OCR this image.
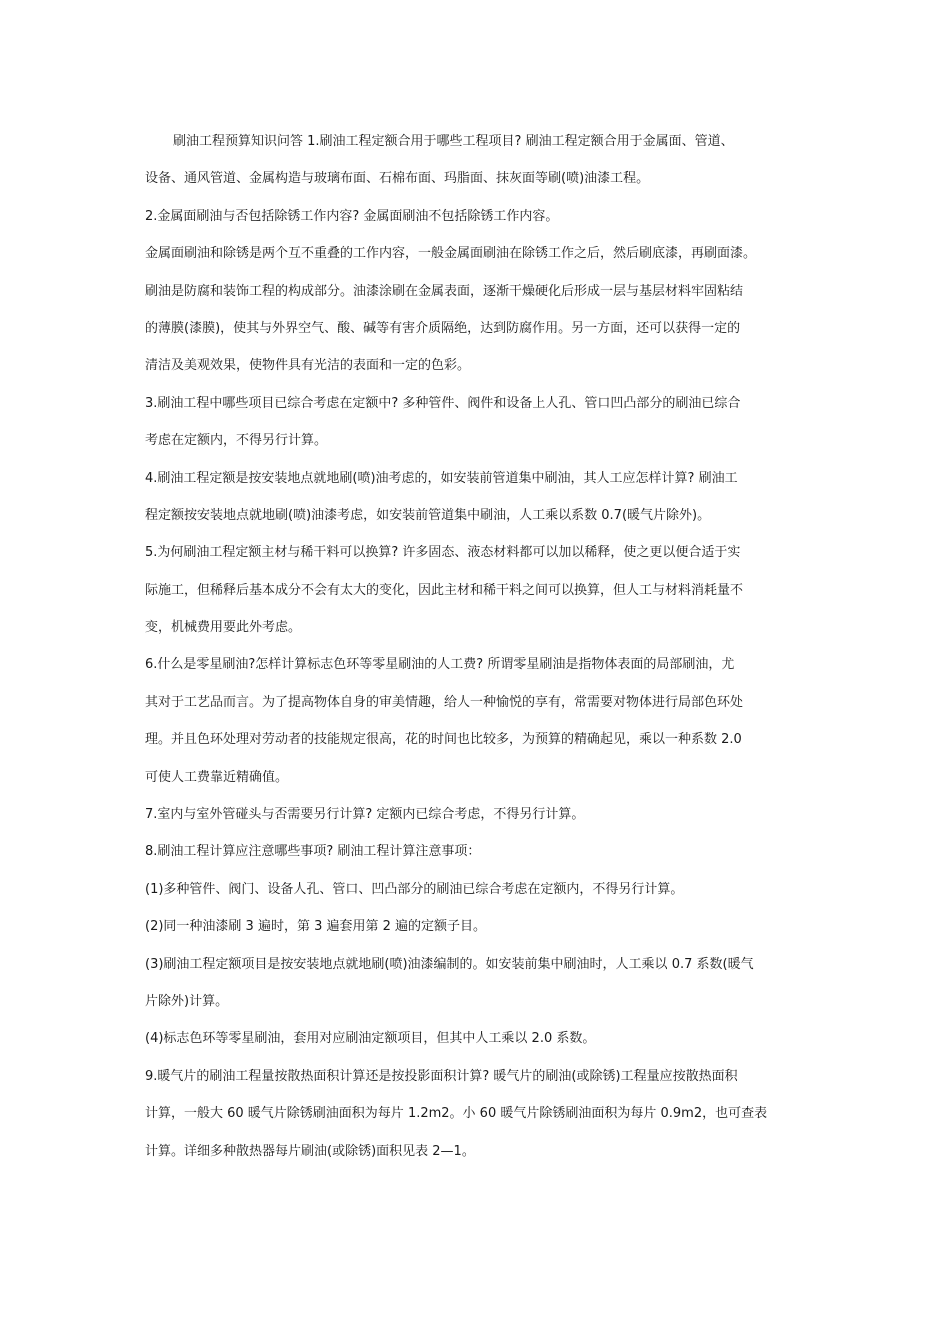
刷油工程预算知识问答 1.刷油工程定额合用于哪些工程项目? 刷油工程定额合用于金属面、管道、
设备、通风管道、金属构造与玻璃布面、石棉布面、玛脂面、抹灰面等刷(喷)油漆工程。
2.金属面刷油与否包括除锈工作内容? 金属面刷油不包括除锈工作内容。
金属面刷油和除锈是两个互不重叠的工作内容，一般金属面刷油在除锈工作之后，然后刷底漆，再刷面漆。
刷油是防腐和装饰工程的构成部分。油漆涂刷在金属表面，逐渐干燥硬化后形成一层与基层材料牢固粘结
的薄膜(漆膜)，使其与外界空气、酸、碱等有害介质隔绝，达到防腐作用。另一方面，还可以获得一定的
清洁及美观效果，使物件具有光洁的表面和一定的色彩。
3.刷油工程中哪些项目已综合考虑在定额中? 多种管件、阀件和设备上人孔、管口凹凸部分的刷油已综合
考虑在定额内，不得另行计算。
4.刷油工程定额是按安装地点就地刷(喷)油考虑的，如安装前管道集中刷油，其人工应怎样计算? 刷油工
程定额按安装地点就地刷(喷)油漆考虑，如安装前管道集中刷油，人工乘以系数 0.7(暖气片除外)。
5.为何刷油工程定额主材与稀干料可以换算? 许多固态、液态材料都可以加以稀释，使之更以便合适于实
际施工，但稀释后基本成分不会有太大的变化，因此主材和稀干料之间可以换算，但人工与材料消耗量不
变，机械费用要此外考虑。
6.什么是零星刷油?怎样计算标志色环等零星刷油的人工费? 所谓零星刷油是指物体表面的局部刷油，尤
其对于工艺品而言。为了提高物体自身的审美情趣，给人一种愉悦的享有，常需要对物体进行局部色环处
理。并且色环处理对劳动者的技能规定很高，花的时间也比较多，为预算的精确起见，乘以一种系数 2.0
可使人工费靠近精确值。
7.室内与室外管碰头与否需要另行计算? 定额内已综合考虑，不得另行计算。
8.刷油工程计算应注意哪些事项? 刷油工程计算注意事项：
(1)多种管件、阀门、设备人孔、管口、凹凸部分的刷油已综合考虑在定额内，不得另行计算。
(2)同一种油漆刷 3 遍时，第 3 遍套用第 2 遍的定额子目。
(3)刷油工程定额项目是按安装地点就地刷(喷)油漆编制的。如安装前集中刷油时，人工乘以 0.7 系数(暖气
片除外)计算。
(4)标志色环等零星刷油，套用对应刷油定额项目，但其中人工乘以 2.0 系数。
9.暖气片的刷油工程量按散热面积计算还是按投影面积计算? 暖气片的刷油(或除锈)工程量应按散热面积
计算，一般大 60 暖气片除锈刷油面积为每片 1.2m2。小 60 暖气片除锈刷油面积为每片 0.9m2，也可查表
计算。详细多种散热器每片刷油(或除锈)面积见表 2—1。
